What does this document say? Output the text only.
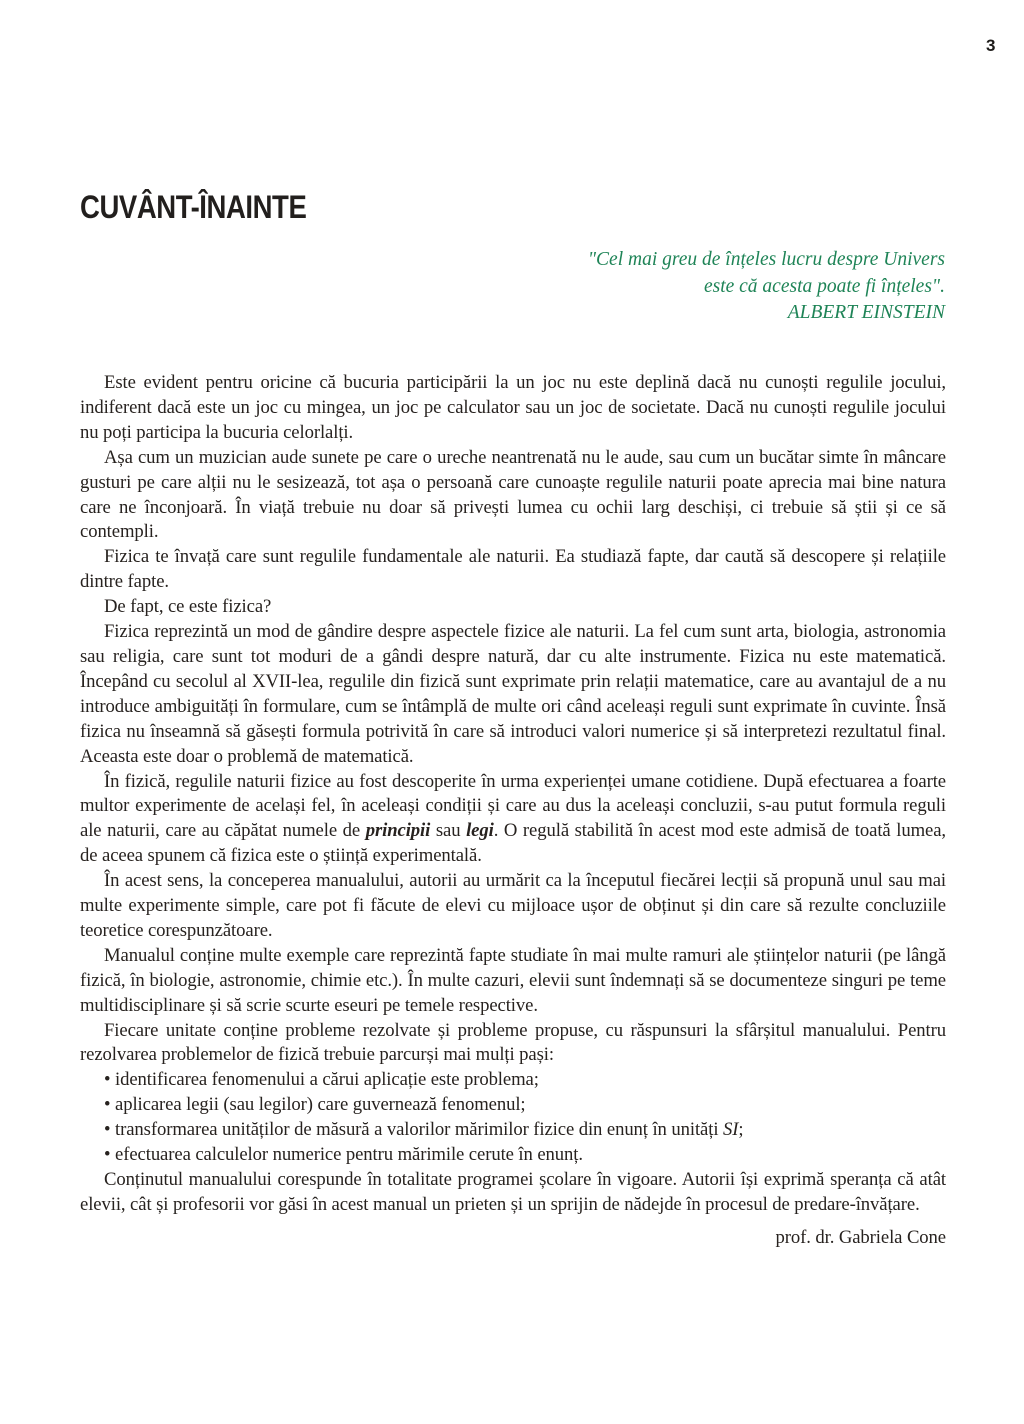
3
CUVÂNT-ÎNAINTE
"Cel mai greu de înțeles lucru despre Univers
este că acesta poate fi înțeles".
ALBERT EINSTEIN

Este evident pentru oricine că bucuria participării la un joc nu este deplină dacă nu cunoști regulile jocului, indiferent dacă este un joc cu mingea, un joc pe calculator sau un joc de societate. Dacă nu cunoști regulile jocului nu poți participa la bucuria celorlalți.

Așa cum un muzician aude sunete pe care o ureche neantrenată nu le aude, sau cum un bucătar simte în mâncare gusturi pe care alții nu le sesizează, tot așa o persoană care cunoaște regulile naturii poate aprecia mai bine natura care ne înconjoară. În viață trebuie nu doar să privești lumea cu ochii larg deschiși, ci trebuie să știi și ce să contempli.

Fizica te învață care sunt regulile fundamentale ale naturii. Ea studiază fapte, dar caută să descopere și relațiile dintre fapte.

De fapt, ce este fizica?

Fizica reprezintă un mod de gândire despre aspectele fizice ale naturii. La fel cum sunt arta, biologia, astronomia sau religia, care sunt tot moduri de a gândi despre natură, dar cu alte instrumente. Fizica nu este matematică. Începând cu secolul al XVII-lea, regulile din fizică sunt exprimate prin relații matematice, care au avantajul de a nu introduce ambiguități în formulare, cum se întâmplă de multe ori când aceleași reguli sunt exprimate în cuvinte. Însă fizica nu înseamnă să găsești formula potrivită în care să introduci valori numerice și să interpretezi rezultatul final. Aceasta este doar o problemă de matematică.

În fizică, regulile naturii fizice au fost descoperite în urma experienței umane cotidiene. După efectuarea a foarte multor experimente de același fel, în aceleași condiții și care au dus la aceleași concluzii, s-au putut formula reguli ale naturii, care au căpătat numele de principii sau legi. O regulă stabilită în acest mod este admisă de toată lumea, de aceea spunem că fizica este o știință experimentală.

În acest sens, la conceperea manualului, autorii au urmărit ca la începutul fiecărei lecții să propună unul sau mai multe experimente simple, care pot fi făcute de elevi cu mijloace ușor de obținut și din care să rezulte concluziile teoretice corespunzătoare.

Manualul conține multe exemple care reprezintă fapte studiate în mai multe ramuri ale științelor naturii (pe lângă fizică, în biologie, astronomie, chimie etc.). În multe cazuri, elevii sunt îndemnați să se documenteze singuri pe teme multidisciplinare și să scrie scurte eseuri pe temele respective.

Fiecare unitate conține probleme rezolvate și probleme propuse, cu răspunsuri la sfârșitul manualului. Pentru rezolvarea problemelor de fizică trebuie parcurși mai mulți pași:

• identificarea fenomenului a cărui aplicație este problema;

• aplicarea legii (sau legilor) care guvernează fenomenul;

• transformarea unităților de măsură a valorilor mărimilor fizice din enunț în unități SI;

• efectuarea calculelor numerice pentru mărimile cerute în enunț.

Conținutul manualului corespunde în totalitate programei școlare în vigoare. Autorii își exprimă speranța că atât elevii, cât și profesorii vor găsi în acest manual un prieten și un sprijin de nădejde în procesul de predare-învățare.

prof. dr. Gabriela Cone
